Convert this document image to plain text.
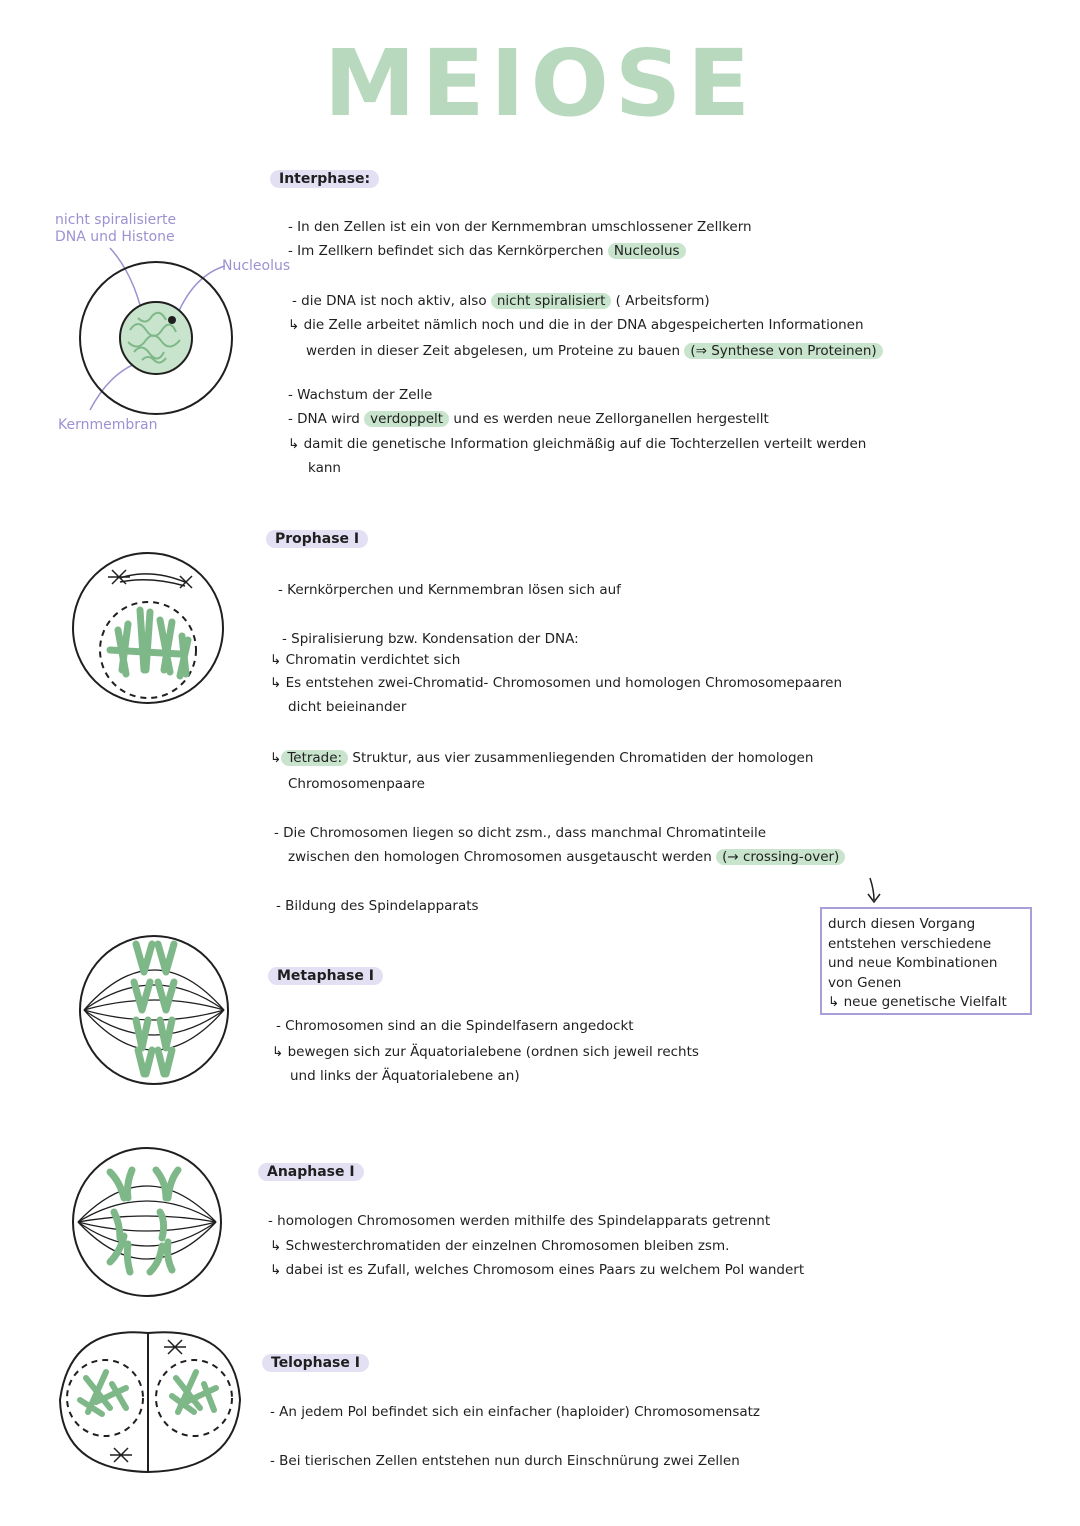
MEIOSE
nicht spiralisierte
DNA und Histone
Nucleolus
Kernmembran
Interphase:
- In den Zellen ist ein von der Kernmembran umschlossener Zellkern
- Im Zellkern befindet sich das Kernkörperchen Nucleolus
- die DNA ist noch aktiv, also nicht spiralisiert ( Arbeitsform)
↳ die Zelle arbeitet nämlich noch und die in der DNA abgespeicherten Informationen
werden in dieser Zeit abgelesen, um Proteine zu bauen (⇒ Synthese von Proteinen)
- Wachstum der Zelle
- DNA wird verdoppelt und es werden neue Zellorganellen hergestellt
↳ damit die genetische Information gleichmäßig auf die Tochterzellen verteilt werden
kann
Prophase I
- Kernkörperchen und Kernmembran lösen sich auf
- Spiralisierung bzw. Kondensation der DNA:
↳ Chromatin verdichtet sich
↳ Es entstehen zwei-Chromatid- Chromosomen und homologen Chromosomepaaren
dicht beieinander
↳ Tetrade: Struktur, aus vier zusammenliegenden Chromatiden der homologen
Chromosomenpaare
- Die Chromosomen liegen so dicht zsm., dass manchmal Chromatinteile
zwischen den homologen Chromosomen ausgetauscht werden (→ crossing-over)
- Bildung des Spindelapparats
durch diesen Vorgang
entstehen verschiedene
und neue Kombinationen
von Genen
↳ neue genetische Vielfalt
Metaphase I
- Chromosomen sind an die Spindelfasern angedockt
↳ bewegen sich zur Äquatorialebene (ordnen sich jeweil rechts
und links der Äquatorialebene an)
Anaphase I
- homologen Chromosomen werden mithilfe des Spindelapparats getrennt
↳ Schwesterchromatiden der einzelnen Chromosomen bleiben zsm.
↳ dabei ist es Zufall, welches Chromosom eines Paars zu welchem Pol wandert
Telophase I
- An jedem Pol befindet sich ein einfacher (haploider) Chromosomensatz
- Bei tierischen Zellen entstehen nun durch Einschnürung zwei Zellen
